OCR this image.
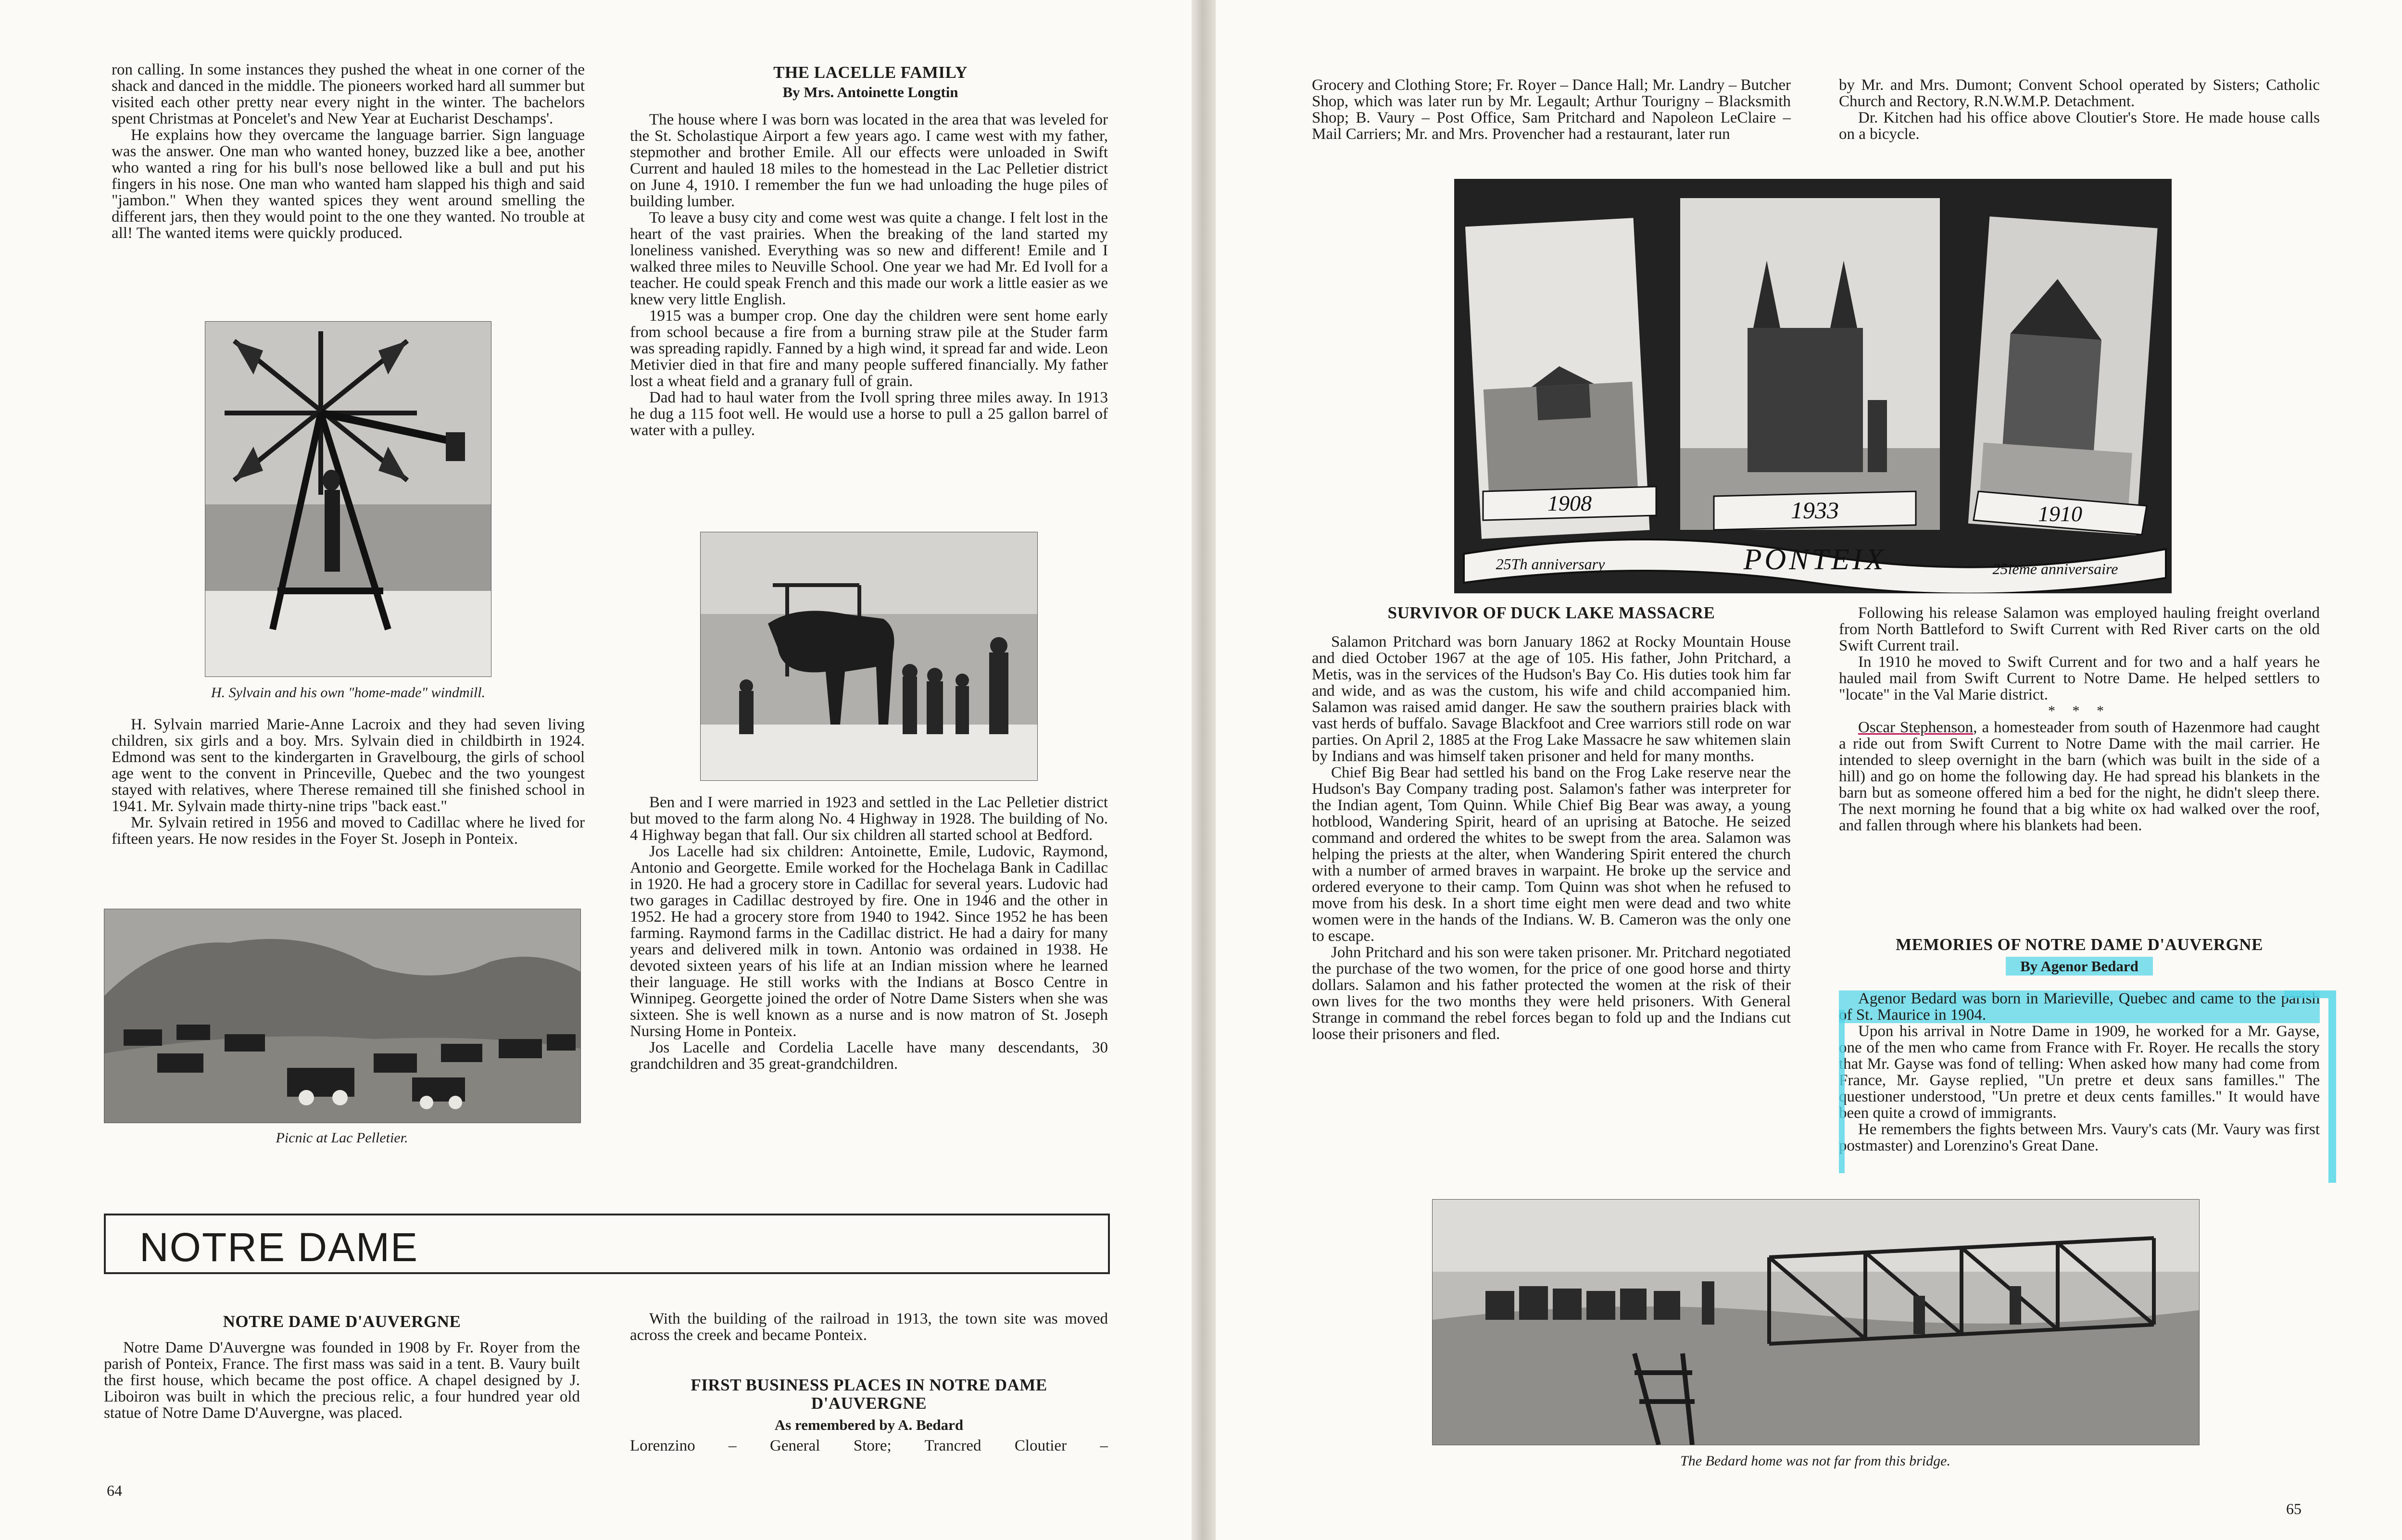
ron calling. In some instances they pushed the wheat in one corner of the shack and danced in the middle. The pioneers worked hard all summer but visited each other pretty near every night in the winter. The bachelors spent Christmas at Poncelet's and New Year at Eucharist Deschamps'.

He explains how they overcame the language barrier. Sign language was the answer. One man who wanted honey, buzzed like a bee, another who wanted a ring for his bull's nose bellowed like a bull and put his fingers in his nose. One man who wanted ham slapped his thigh and said "jambon." When they wanted spices they went around smelling the different jars, then they would point to the one they wanted. No trouble at all! The wanted items were quickly produced.

H. Sylvain and his own "home-made" windmill.

H. Sylvain married Marie-Anne Lacroix and they had seven living children, six girls and a boy. Mrs. Sylvain died in childbirth in 1924. Edmond was sent to the kindergarten in Gravelbourg, the girls of school age went to the convent in Princeville, Quebec and the two youngest stayed with relatives, where Therese remained till she finished school in 1941. Mr. Sylvain made thirty-nine trips "back east."

Mr. Sylvain retired in 1956 and moved to Cadillac where he lived for fifteen years. He now resides in the Foyer St. Joseph in Ponteix.

Picnic at Lac Pelletier.

THE LACELLE FAMILY

By Mrs. Antoinette Longtin

The house where I was born was located in the area that was leveled for the St. Scholastique Airport a few years ago. I came west with my father, stepmother and brother Emile. All our effects were unloaded in Swift Current and hauled 18 miles to the homestead in the Lac Pelletier district on June 4, 1910. I remember the fun we had unloading the huge piles of building lumber.

To leave a busy city and come west was quite a change. I felt lost in the heart of the vast prairies. When the breaking of the land started my loneliness vanished. Everything was so new and different! Emile and I walked three miles to Neuville School. One year we had Mr. Ed Ivoll for a teacher. He could speak French and this made our work a little easier as we knew very little English.

1915 was a bumper crop. One day the children were sent home early from school because a fire from a burning straw pile at the Studer farm was spreading rapidly. Fanned by a high wind, it spread far and wide. Leon Metivier died in that fire and many people suffered financially. My father lost a wheat field and a granary full of grain.

Dad had to haul water from the Ivoll spring three miles away. In 1913 he dug a 115 foot well. He would use a horse to pull a 25 gallon barrel of water with a pulley.

Ben and I were married in 1923 and settled in the Lac Pelletier district but moved to the farm along No. 4 Highway in 1928. The building of No. 4 Highway began that fall. Our six children all started school at Bedford.

Jos Lacelle had six children: Antoinette, Emile, Ludovic, Raymond, Antonio and Georgette. Emile worked for the Hochelaga Bank in Cadillac in 1920. He had a grocery store in Cadillac for several years. Ludovic had two garages in Cadillac destroyed by fire. One in 1946 and the other in 1952. He had a grocery store from 1940 to 1942. Since 1952 he has been farming. Raymond farms in the Cadillac district. He had a dairy for many years and delivered milk in town. Antonio was ordained in 1938. He devoted sixteen years of his life at an Indian mission where he learned their language. He still works with the Indians at Bosco Centre in Winnipeg. Georgette joined the order of Notre Dame Sisters when she was sixteen. She is well known as a nurse and is now matron of St. Joseph Nursing Home in Ponteix.

Jos Lacelle and Cordelia Lacelle have many descendants, 30 grandchildren and 35 great-grandchildren.

NOTRE DAME
NOTRE DAME D'AUVERGNE

Notre Dame D'Auvergne was founded in 1908 by Fr. Royer from the parish of Ponteix, France. The first mass was said in a tent. B. Vaury built the first house, which became the post office. A chapel designed by J. Liboiron was built in which the precious relic, a four hundred year old statue of Notre Dame D'Auvergne, was placed.

With the building of the railroad in 1913, the town site was moved across the creek and became Ponteix.

FIRST BUSINESS PLACES IN NOTRE DAME
D'AUVERGNE

As remembered by A. Bedard

Lorenzino – General Store; Trancred Cloutier –

64

Grocery and Clothing Store; Fr. Royer – Dance Hall; Mr. Landry – Butcher Shop, which was later run by Mr. Legault; Arthur Tourigny – Blacksmith Shop; B. Vaury – Post Office, Sam Pritchard and Napoleon LeClaire – Mail Carriers; Mr. and Mrs. Provencher had a restaurant, later run

by Mr. and Mrs. Dumont; Convent School operated by Sisters; Catholic Church and Rectory, R.N.W.M.P. Detachment.

Dr. Kitchen had his office above Cloutier's Store. He made house calls on a bicycle.

1908	1933	1910
25Th anniversary	PONTEIX	25ieme anniversaire
SURVIVOR OF DUCK LAKE MASSACRE

Salamon Pritchard was born January 1862 at Rocky Mountain House and died October 1967 at the age of 105. His father, John Pritchard, a Metis, was in the services of the Hudson's Bay Co. His duties took him far and wide, and as was the custom, his wife and child accompanied him. Salamon was raised amid danger. He saw the southern prairies black with vast herds of buffalo. Savage Blackfoot and Cree warriors still rode on war parties. On April 2, 1885 at the Frog Lake Massacre he saw whitemen slain by Indians and was himself taken prisoner and held for many months.

Chief Big Bear had settled his band on the Frog Lake reserve near the Hudson's Bay Company trading post. Salamon's father was interpreter for the Indian agent, Tom Quinn. While Chief Big Bear was away, a young hotblood, Wandering Spirit, heard of an uprising at Batoche. He seized command and ordered the whites to be swept from the area. Salamon was helping the priests at the alter, when Wandering Spirit entered the church with a number of armed braves in warpaint. He broke up the service and ordered everyone to their camp. Tom Quinn was shot when he refused to move from his desk. In a short time eight men were dead and two white women were in the hands of the Indians. W. B. Cameron was the only one to escape.

John Pritchard and his son were taken prisoner. Mr. Pritchard negotiated the purchase of the two women, for the price of one good horse and thirty dollars. Salamon and his father protected the women at the risk of their own lives for the two months they were held prisoners. With General Strange in command the rebel forces began to fold up and the Indians cut loose their prisoners and fled.

Following his release Salamon was employed hauling freight overland from North Battleford to Swift Current with Red River carts on the old Swift Current trail.

In 1910 he moved to Swift Current and for two and a half years he hauled mail from Swift Current to Notre Dame. He helped settlers to "locate" in the Val Marie district.

* * *

Oscar Stephenson, a homesteader from south of Hazenmore had caught a ride out from Swift Current to Notre Dame with the mail carrier. He intended to sleep overnight in the barn (which was built in the side of a hill) and go on home the following day. He had spread his blankets in the barn but as someone offered him a bed for the night, he didn't sleep there. The next morning he found that a big white ox had walked over the roof, and fallen through where his blankets had been.

MEMORIES OF NOTRE DAME D'AUVERGNE

By Agenor Bedard

Agenor Bedard was born in Marieville, Quebec and came to the parish of St. Maurice in 1904.

Upon his arrival in Notre Dame in 1909, he worked for a Mr. Gayse, one of the men who came from France with Fr. Royer. He recalls the story that Mr. Gayse was fond of telling: When asked how many had come from France, Mr. Gayse replied, "Un pretre et deux sans familles." The questioner understood, "Un pretre et deux cents familles." It would have been quite a crowd of immigrants.

He remembers the fights between Mrs. Vaury's cats (Mr. Vaury was first postmaster) and Lorenzino's Great Dane.

The Bedard home was not far from this bridge.

65
